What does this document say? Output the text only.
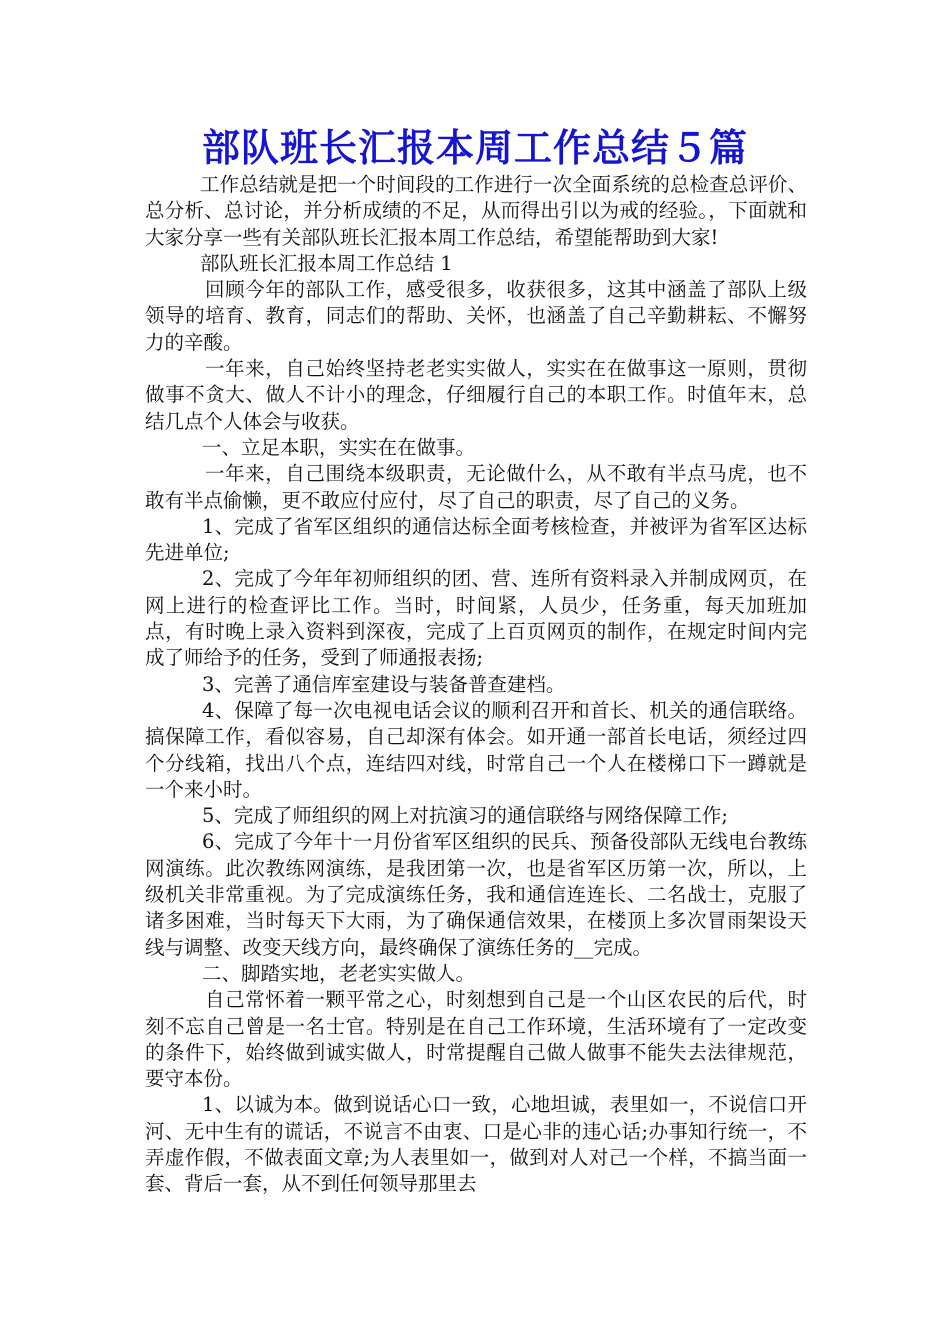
部队班长汇报本周工作总结５篇

工作总结就是把一个时间段的工作进行一次全面系统的总检查总评价、总分析、总讨论，并分析成绩的不足，从而得出引以为戒的经验。，下面就和大家分享一些有关部队班长汇报本周工作总结，希望能帮助到大家!

部队班长汇报本周工作总结 1

回顾今年的部队工作，感受很多，收获很多，这其中涵盖了部队上级领导的培育、教育，同志们的帮助、关怀，也涵盖了自己辛勤耕耘、不懈努力的辛酸。

一年来，自己始终坚持老老实实做人，实实在在做事这一原则，贯彻做事不贪大、做人不计小的理念，仔细履行自己的本职工作。时值年末，总结几点个人体会与收获。

一、立足本职，实实在在做事。

一年来，自己围绕本级职责，无论做什么，从不敢有半点马虎，也不敢有半点偷懒，更不敢应付应付，尽了自己的职责，尽了自己的义务。

1、完成了省军区组织的通信达标全面考核检查，并被评为省军区达标先进单位;

2、完成了今年年初师组织的团、营、连所有资料录入并制成网页，在网上进行的检查评比工作。当时，时间紧，人员少，任务重，每天加班加点，有时晚上录入资料到深夜，完成了上百页网页的制作，在规定时间内完成了师给予的任务，受到了师通报表扬;

3、完善了通信库室建设与装备普查建档。

4、保障了每一次电视电话会议的顺利召开和首长、机关的通信联络。搞保障工作，看似容易，自己却深有体会。如开通一部首长电话，须经过四个分线箱，找出八个点，连结四对线，时常自己一个人在楼梯口下一蹲就是一个来小时。

5、完成了师组织的网上对抗演习的通信联络与网络保障工作;

6、完成了今年十一月份省军区组织的民兵、预备役部队无线电台教练网演练。此次教练网演练，是我团第一次，也是省军区历第一次，所以，上级机关非常重视。为了完成演练任务，我和通信连连长、二名战士，克服了诸多困难，当时每天下大雨，为了确保通信效果，在楼顶上多次冒雨架设天线与调整、改变天线方向，最终确保了演练任务的__完成。

二、脚踏实地，老老实实做人。

自己常怀着一颗平常之心，时刻想到自己是一个山区农民的后代，时刻不忘自己曾是一名士官。特别是在自己工作环境，生活环境有了一定改变的条件下，始终做到诚实做人，时常提醒自己做人做事不能失去法律规范，要守本份。

1、以诚为本。做到说话心口一致，心地坦诚，表里如一，不说信口开河、无中生有的谎话，不说言不由衷、口是心非的违心话;办事知行统一，不弄虚作假，不做表面文章;为人表里如一，做到对人对己一个样，不搞当面一套、背后一套，从不到任何领导那里去
